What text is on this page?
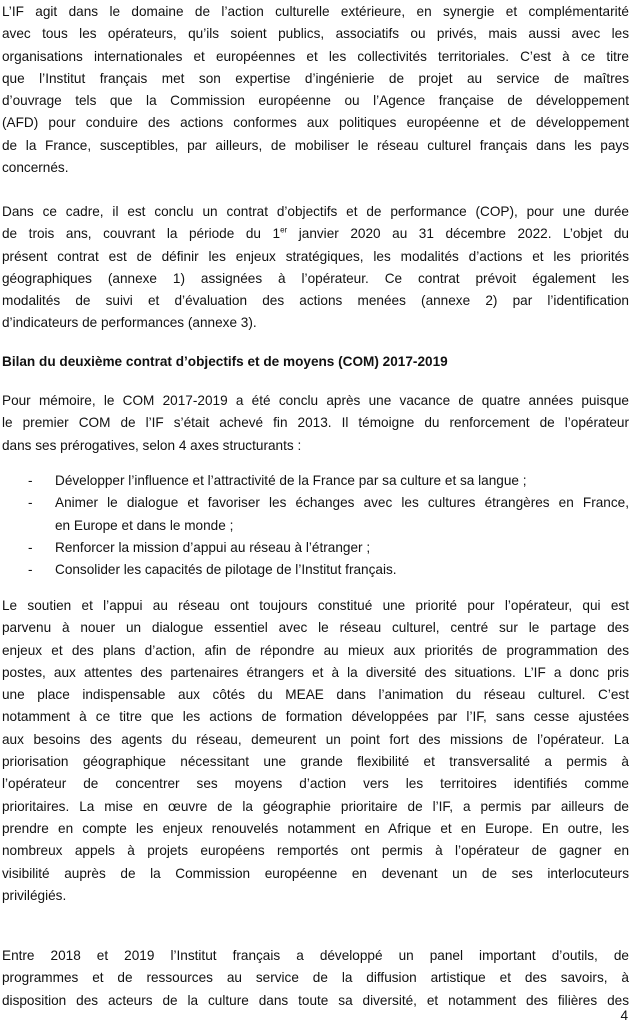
L’IF agit dans le domaine de l’action culturelle extérieure, en synergie et complémentarité
avec tous les opérateurs, qu’ils soient publics, associatifs ou privés, mais aussi avec les
organisations internationales et européennes et les collectivités territoriales. C’est à ce titre
que l’Institut français met son expertise d’ingénierie de projet au service de maîtres
d’ouvrage tels que la Commission européenne ou l’Agence française de développement
(AFD) pour conduire des actions conformes aux politiques européenne et de développement
de la France, susceptibles, par ailleurs, de mobiliser le réseau culturel français dans les pays
concernés.
Dans ce cadre, il est conclu un contrat d’objectifs et de performance (COP), pour une durée
de trois ans, couvrant la période du 1er janvier 2020 au 31 décembre 2022. L’objet du
présent contrat est de définir les enjeux stratégiques, les modalités d’actions et les priorités
géographiques (annexe 1) assignées à l’opérateur. Ce contrat prévoit également les
modalités de suivi et d’évaluation des actions menées (annexe 2) par l’identification
d’indicateurs de performances (annexe 3).
Bilan du deuxième contrat d’objectifs et de moyens (COM) 2017-2019
Pour mémoire, le COM 2017-2019 a été conclu après une vacance de quatre années puisque
le premier COM de l’IF s’était achevé fin 2013. Il témoigne du renforcement de l’opérateur
dans ses prérogatives, selon 4 axes structurants :
- Développer l’influence et l’attractivité de la France par sa culture et sa langue ;
- Animer le dialogue et favoriser les échanges avec les cultures étrangères en France,
en Europe et dans le monde ;
- Renforcer la mission d’appui au réseau à l’étranger ;
- Consolider les capacités de pilotage de l’Institut français.
Le soutien et l’appui au réseau ont toujours constitué une priorité pour l’opérateur, qui est
parvenu à nouer un dialogue essentiel avec le réseau culturel, centré sur le partage des
enjeux et des plans d’action, afin de répondre au mieux aux priorités de programmation des
postes, aux attentes des partenaires étrangers et à la diversité des situations. L’IF a donc pris
une place indispensable aux côtés du MEAE dans l’animation du réseau culturel. C’est
notamment à ce titre que les actions de formation développées par l’IF, sans cesse ajustées
aux besoins des agents du réseau, demeurent un point fort des missions de l’opérateur. La
priorisation géographique nécessitant une grande flexibilité et transversalité a permis à
l’opérateur de concentrer ses moyens d’action vers les territoires identifiés comme
prioritaires. La mise en œuvre de la géographie prioritaire de l’IF, a permis par ailleurs de
prendre en compte les enjeux renouvelés notamment en Afrique et en Europe. En outre, les
nombreux appels à projets européens remportés ont permis à l’opérateur de gagner en
visibilité auprès de la Commission européenne en devenant un de ses interlocuteurs
privilégiés.
Entre 2018 et 2019 l’Institut français a développé un panel important d’outils, de
programmes et de ressources au service de la diffusion artistique et des savoirs, à
disposition des acteurs de la culture dans toute sa diversité, et notamment des filières des
4
